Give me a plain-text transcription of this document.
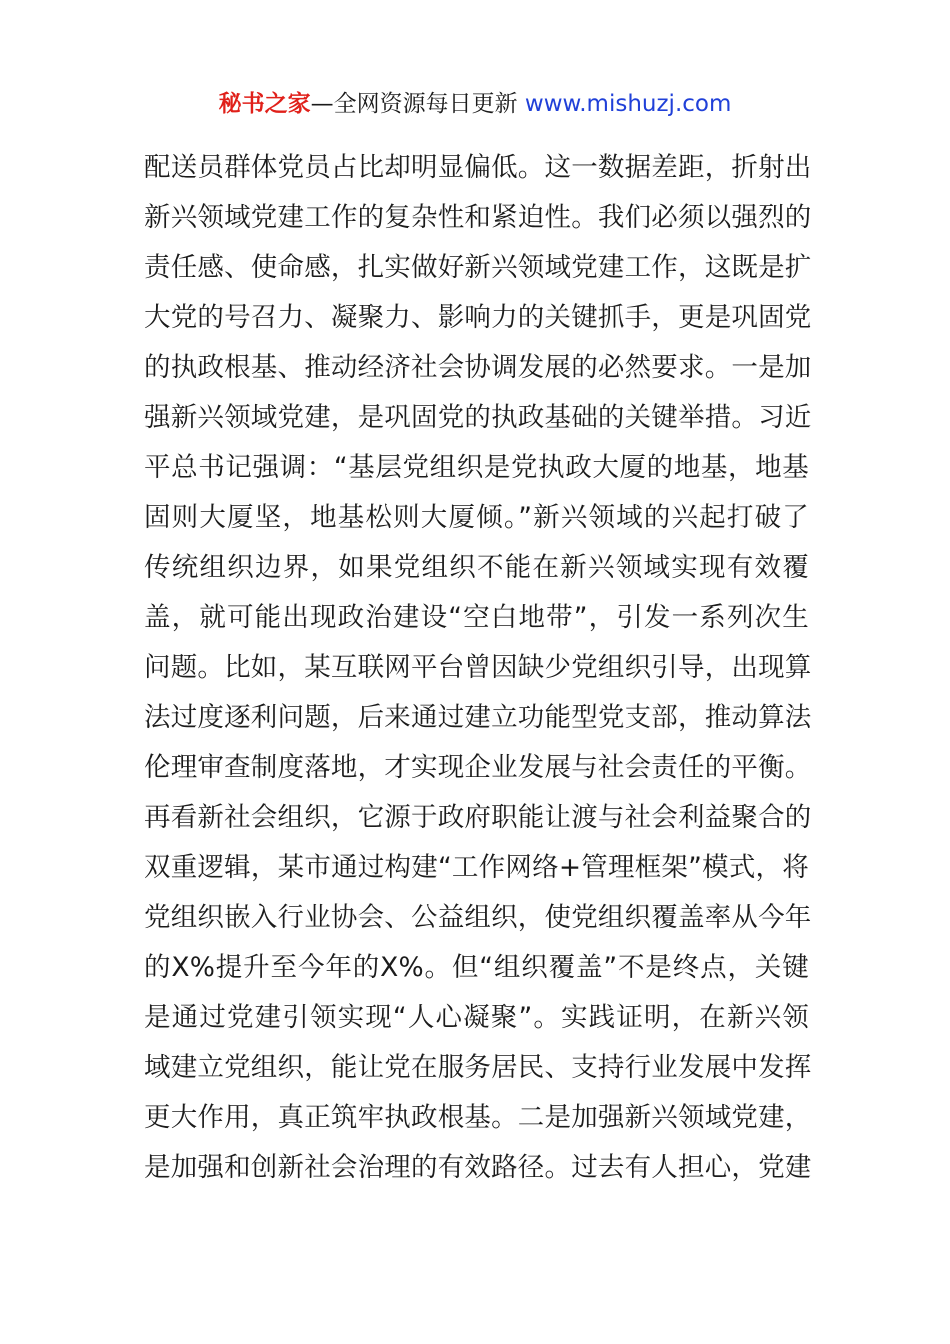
秘书之家—全网资源每日更新 www.mishuzj.com
配送员群体党员占比却明显偏低。这一数据差距，折射出
新兴领域党建工作的复杂性和紧迫性。我们必须以强烈的
责任感、使命感，扎实做好新兴领域党建工作，这既是扩
大党的号召力、凝聚力、影响力的关键抓手，更是巩固党
的执政根基、推动经济社会协调发展的必然要求。一是加
强新兴领域党建，是巩固党的执政基础的关键举措。习近
平总书记强调：“基层党组织是党执政大厦的地基，地基
固则大厦坚，地基松则大厦倾。”新兴领域的兴起打破了
传统组织边界，如果党组织不能在新兴领域实现有效覆
盖，就可能出现政治建设“空白地带”，引发一系列次生
问题。比如，某互联网平台曾因缺少党组织引导，出现算
法过度逐利问题，后来通过建立功能型党支部，推动算法
伦理审查制度落地，才实现企业发展与社会责任的平衡。
再看新社会组织，它源于政府职能让渡与社会利益聚合的
双重逻辑，某市通过构建“工作网络+管理框架”模式，将
党组织嵌入行业协会、公益组织，使党组织覆盖率从今年
的X%提升至今年的X%。但“组织覆盖”不是终点，关键
是通过党建引领实现“人心凝聚”。实践证明，在新兴领
域建立党组织，能让党在服务居民、支持行业发展中发挥
更大作用，真正筑牢执政根基。二是加强新兴领域党建，
是加强和创新社会治理的有效路径。过去有人担心，党建
